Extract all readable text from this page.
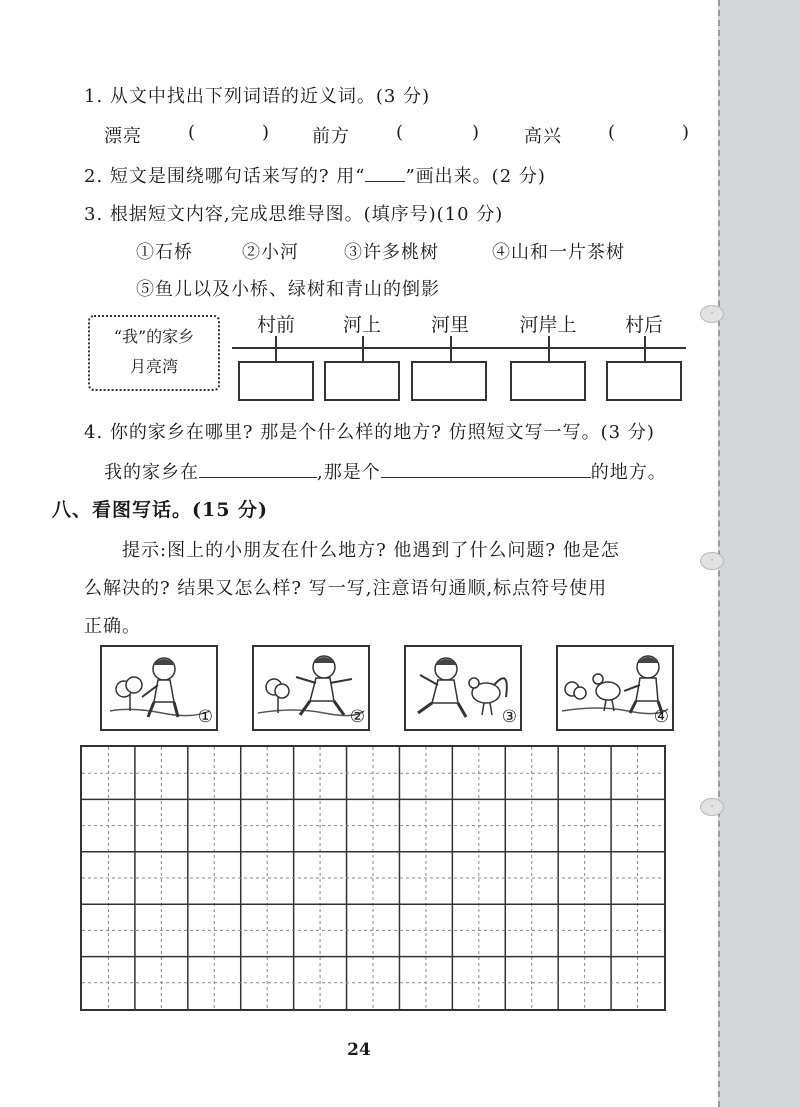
·
·
·
1. 从文中找出下列词语的近义词。(3 分)
漂亮	(	) 前方	(	) 高兴	(	)
2. 短文是围绕哪句话来写的? 用“ ”画出来。(2 分)
3. 根据短文内容,完成思维导图。(填序号)(10 分)
①石桥	②小河	③许多桃树	④山和一片茶树
⑤鱼儿以及小桥、绿树和青山的倒影
“我”的家乡
月亮湾
村前	河上	河里	河岸上	村后
4. 你的家乡在哪里? 那是个什么样的地方? 仿照短文写一写。(3 分)
我的家乡在	,那是个	的地方。
八、看图写话。(15 分)
提示:图上的小朋友在什么地方? 他遇到了什么问题? 他是怎
么解决的? 结果又怎么样? 写一写,注意语句通顺,标点符号使用
正确。
①	②	③	④
24
